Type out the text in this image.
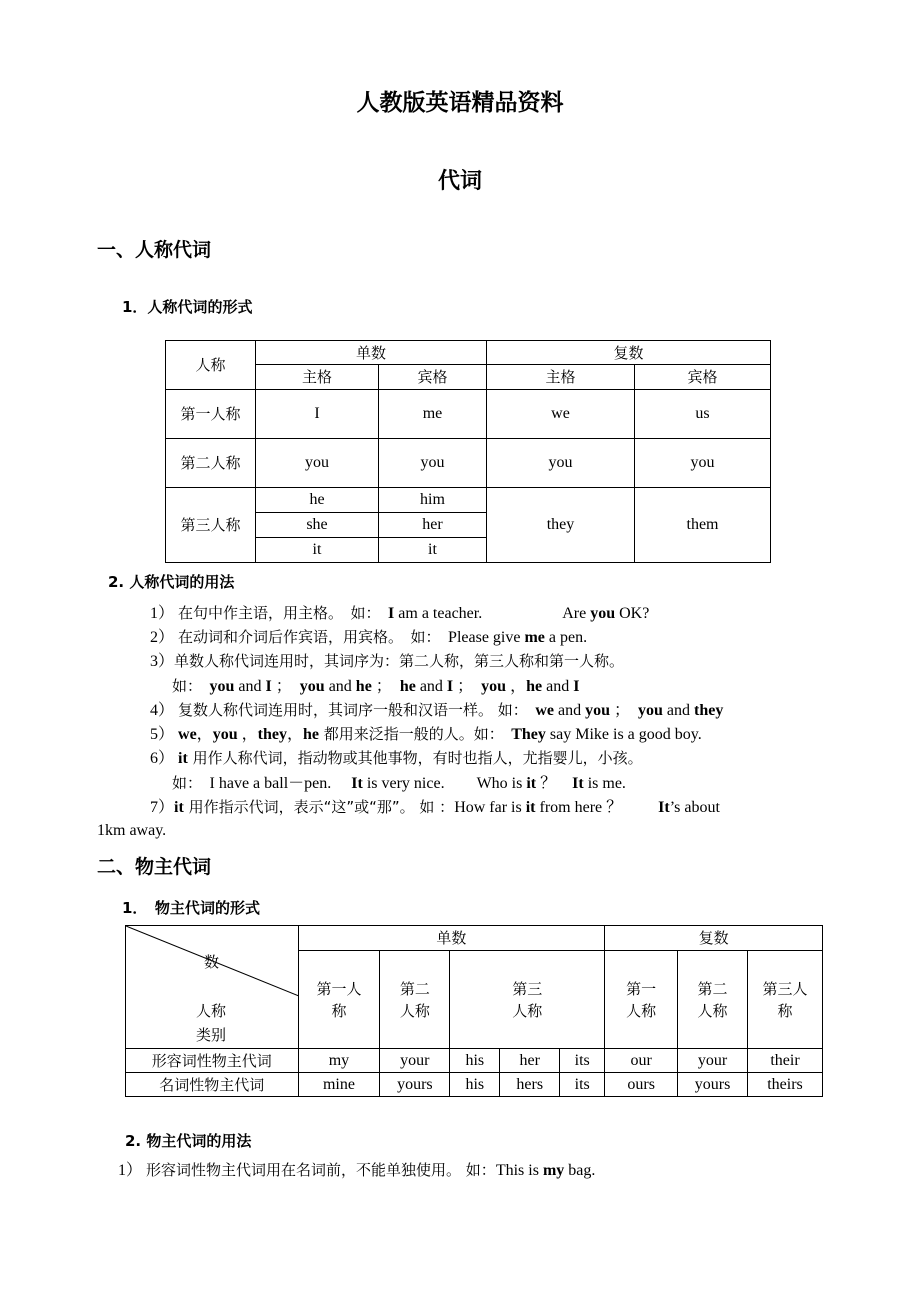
人教版英语精品资料
代词
一、人称代词
1．人称代词的形式
人称	单数		复数	
	主格	宾格	主格	宾格
第一人称	I	me	we	us
第二人称	you	you	you	you
第三人称	he	him	they	them
	she	her		
	it	it		
2. 人称代词的用法
1） 在句中作主语，用主格。　如：　I am a teacher.　　　　　Are you OK?
2） 在动词和介词后作宾语，用宾格。　如：　Please give me a pen.
3）单数人称代词连用时，其词序为：第二人称，第三人称和第一人称。
如：　you and I ；　you and he ；　he and I ；　you ，he and I
4） 复数人称代词连用时，其词序一般和汉语一样。 如：　we and you ；　you and they
5） we，you ，they，he 都用来泛指一般的人。如：　They say Mike is a good boy.
6） it 用作人称代词，指动物或其他事物，有时也指人，尤指婴儿，小孩。
如：　I have a ball－pen.　 It is very nice.　　Who is it ？　It is me.
7）it 用作指示代词，表示“这”或“那”。 如 ：How far is it from here ？　　 It’s about
1km away.
二、物主代词
1．　物主代词的形式
数
人称
类别	单数					复数		
	第一人称	第二人称	第三人称			第一人称	第二人称	第三人称
形容词性物主代词	my	your	his	her	its	our	your	their
名词性物主代词	mine	yours	his	hers	its	ours	yours	theirs
2. 物主代词的用法
1） 形容词性物主代词用在名词前，不能单独使用。 如：This is my bag.
